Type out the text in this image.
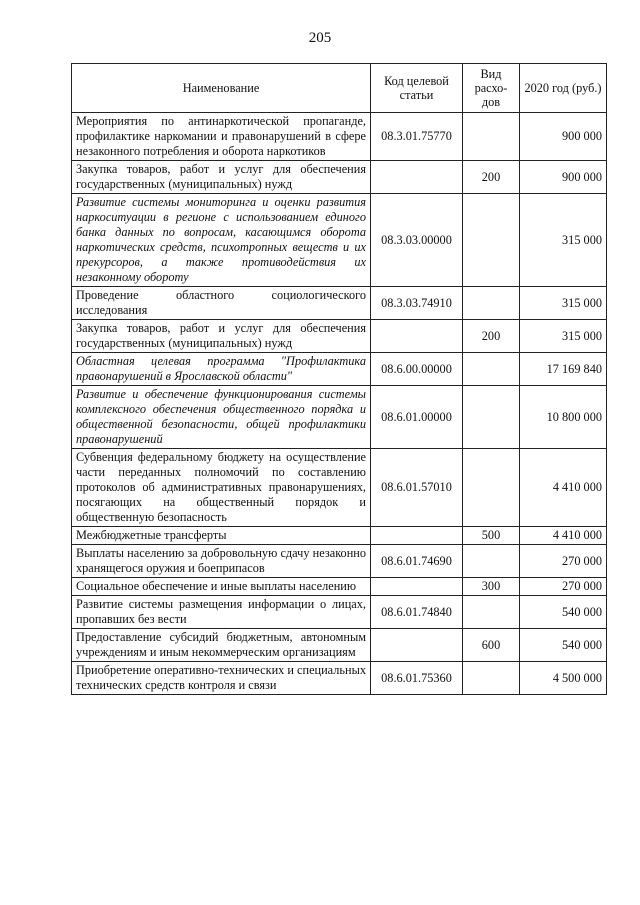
205
Наименование	Код целевой статьи	Вид расхо-дов	2020 год (руб.)
Мероприятия по антинаркотической пропаганде, профилактике наркомании и правонарушений в сфере незаконного потребления и оборота наркотиков	08.3.01.75770		900 000
Закупка товаров, работ и услуг для обеспечения государственных (муниципальных) нужд		200	900 000
Развитие системы мониторинга и оценки развития наркоситуации в регионе с использованием единого банка данных по вопросам, касающимся оборота наркотических средств, психотропных веществ и их прекурсоров, а также противодействия их незаконному обороту	08.3.03.00000		315 000
Проведение областного социологического исследования	08.3.03.74910		315 000
Закупка товаров, работ и услуг для обеспечения государственных (муниципальных) нужд		200	315 000
Областная целевая программа "Профилактика правонарушений в Ярославской области"	08.6.00.00000		17 169 840
Развитие и обеспечение функционирования системы комплексного обеспечения общественного порядка и общественной безопасности, общей профилактики правонарушений	08.6.01.00000		10 800 000
Субвенция федеральному бюджету на осуществление части переданных полномочий по составлению протоколов об административных правонарушениях, посягающих на общественный порядок и общественную безопасность	08.6.01.57010		4 410 000
Межбюджетные трансферты		500	4 410 000
Выплаты населению за добровольную сдачу незаконно хранящегося оружия и боеприпасов	08.6.01.74690		270 000
Социальное обеспечение и иные выплаты населению		300	270 000
Развитие системы размещения информации о лицах, пропавших без вести	08.6.01.74840		540 000
Предоставление субсидий бюджетным, автономным учреждениям и иным некоммерческим организациям		600	540 000
Приобретение оперативно-технических и специальных технических средств контроля и связи	08.6.01.75360		4 500 000
